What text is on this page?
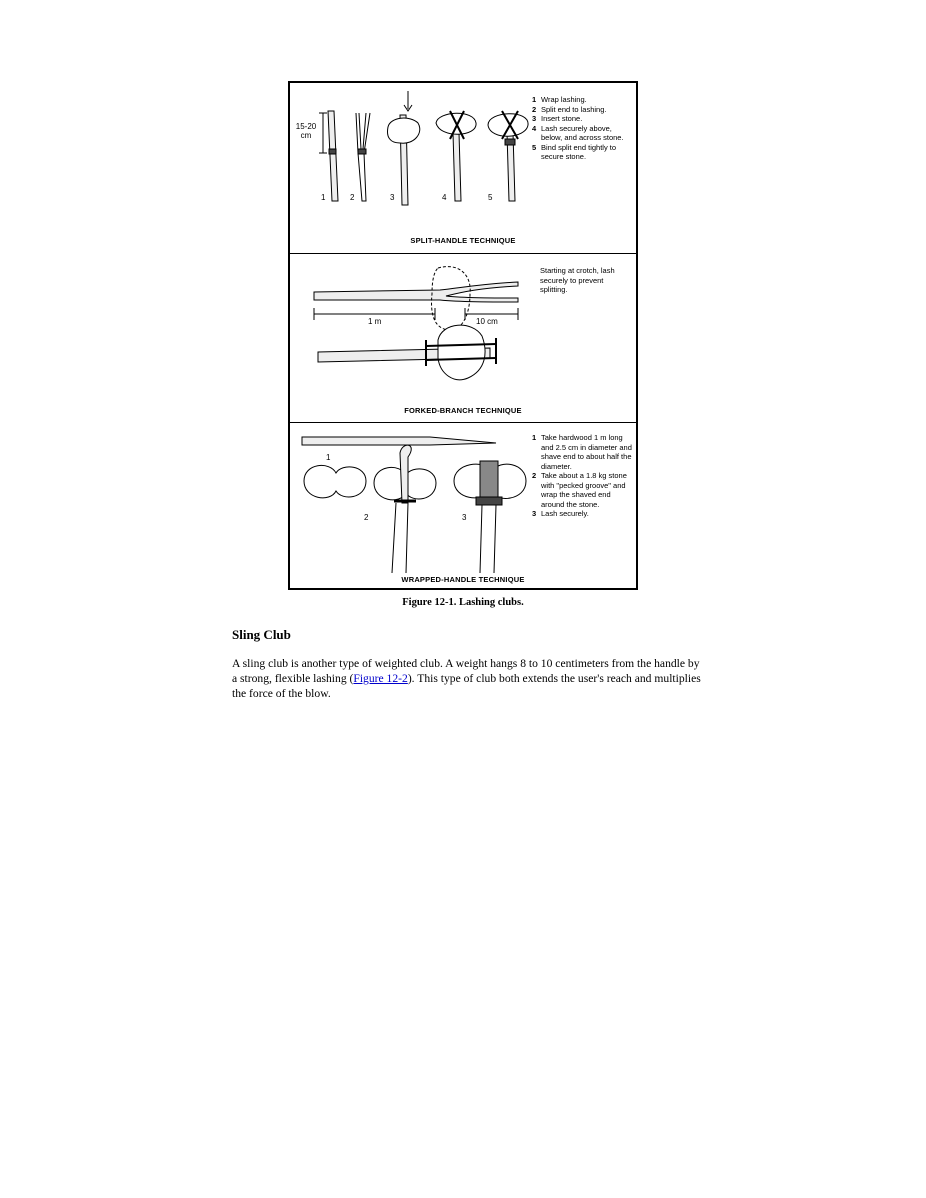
15-20
cm
1	2	3	4	5
1 Wrap lashing.
2 Split end to lashing.
3 Insert stone.
4 Lash securely above, below, and across stone.
5 Bind split end tightly to secure stone.
SPLIT-HANDLE TECHNIQUE
1 m	10 cm
Starting at crotch, lash securely to prevent splitting.
FORKED-BRANCH TECHNIQUE
1
2	3
1 Take hardwood 1 m long and 2.5 cm in diameter and shave end to about half the diameter.
2 Take about a 1.8 kg stone with "pecked groove" and wrap the shaved end around the stone.
3 Lash securely.
WRAPPED-HANDLE TECHNIQUE
Figure 12-1. Lashing clubs.
Sling Club

A sling club is another type of weighted club. A weight hangs 8 to 10 centimeters from the handle by a strong, flexible lashing (Figure 12-2). This type of club both extends the user's reach and multiplies the force of the blow.
